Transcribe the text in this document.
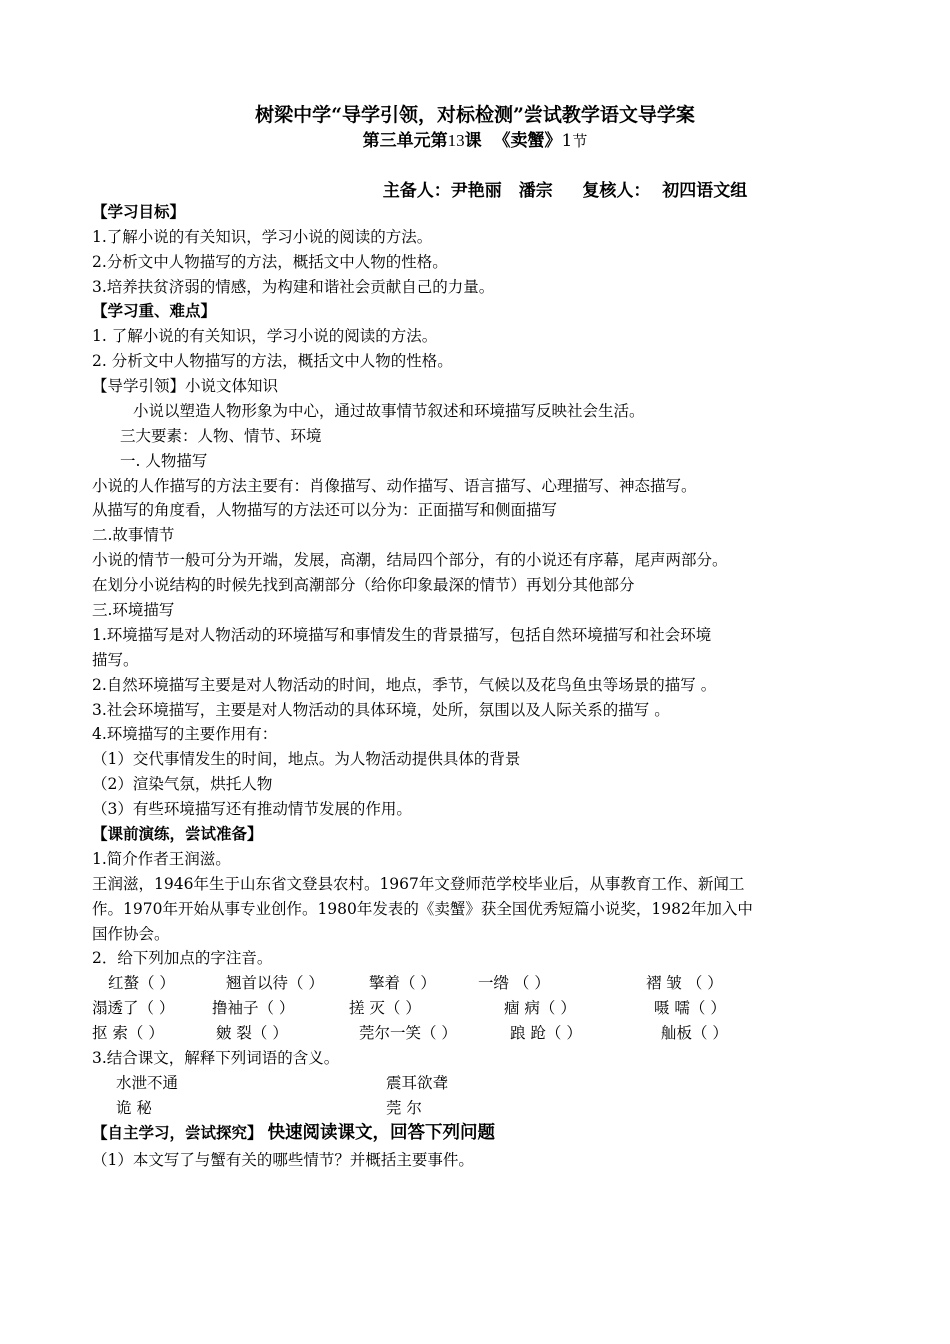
树梁中学“导学引领，对标检测”尝试教学语文导学案
第三单元第13课 《卖蟹》1节
主备人：尹艳丽　潘宗 复核人： 初四语文组
【学习目标】
1.了解小说的有关知识，学习小说的阅读的方法。
2.分析文中人物描写的方法，概括文中人物的性格。
3.培养扶贫济弱的情感，为构建和谐社会贡献自己的力量。
【学习重、难点】
1. 了解小说的有关知识，学习小说的阅读的方法。
2. 分析文中人物描写的方法，概括文中人物的性格。
【导学引领】小说文体知识
小说以塑造人物形象为中心，通过故事情节叙述和环境描写反映社会生活。
三大要素：人物、情节、环境
一. 人物描写
小说的人作描写的方法主要有：肖像描写、动作描写、语言描写、心理描写、神态描写。
从描写的角度看，人物描写的方法还可以分为：正面描写和侧面描写
二.故事情节
小说的情节一般可分为开端，发展，高潮，结局四个部分，有的小说还有序幕，尾声两部分。
在划分小说结构的时候先找到高潮部分（给你印象最深的情节）再划分其他部分
三.环境描写
1.环境描写是对人物活动的环境描写和事情发生的背景描写，包括自然环境描写和社会环境
描写。
2.自然环境描写主要是对人物活动的时间，地点，季节，气候以及花鸟鱼虫等场景的描写 。
3.社会环境描写，主要是对人物活动的具体环境，处所，氛围以及人际关系的描写 。
4.环境描写的主要作用有：
（1）交代事情发生的时间，地点。为人物活动提供具体的背景
（2）渲染气氛，烘托人物
（3）有些环境描写还有推动情节发展的作用。
【课前演练，尝试准备】
1.简介作者王润滋。
王润滋，1946年生于山东省文登县农村。1967年文登师范学校毕业后，从事教育工作、新闻工
作。1970年开始从事专业创作。1980年发表的《卖蟹》获全国优秀短篇小说奖，1982年加入中
国作协会。
2．给下列加点的字注音。
红螯（ ）	翘首以待（ ）	擎着（ ）	一绺 （ ）	褶 皱 （ ）
溻透了（ ） 撸袖子（ ）	搓 灭（ ）	痼 病（ ）	嗫 嚅（ ）
抠 索（ ）	皴 裂（ ）	莞尔一笑（ ）	踉 跄（ ）	舢板（ ）
3.结合课文，解释下列词语的含义。
水泄不通	震耳欲聋
诡 秘	莞 尔
【自主学习，尝试探究】 快速阅读课文，回答下列问题
（1）本文写了与蟹有关的哪些情节？并概括主要事件。
